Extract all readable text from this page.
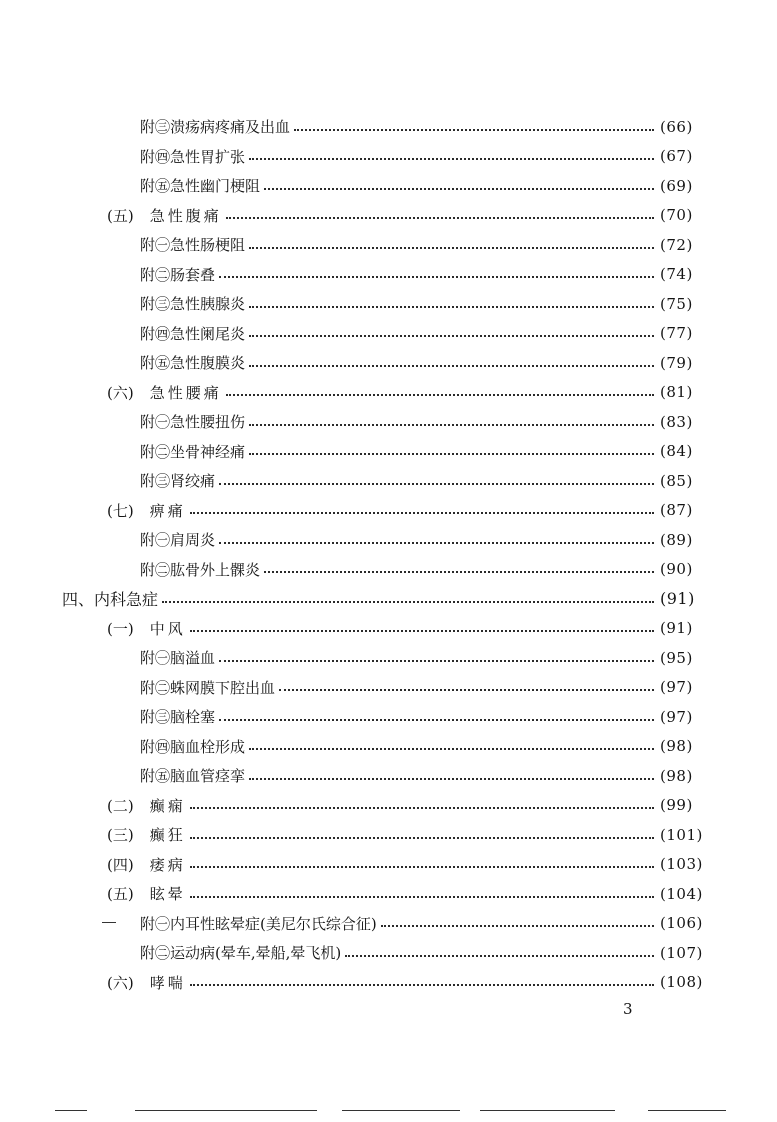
附㊂ 溃疡病疼痛及出血	(66)
附㊃ 急性胃扩张	(67)
附㊄ 急性幽门梗阻	(69)
(五) 急性腹痛	(70)
附㊀ 急性肠梗阻	(72)
附㊁ 肠套叠	(74)
附㊂ 急性胰腺炎	(75)
附㊃ 急性阑尾炎	(77)
附㊄ 急性腹膜炎	(79)
(六) 急性腰痛	(81)
附㊀ 急性腰扭伤	(83)
附㊁ 坐骨神经痛	(84)
附㊂ 肾绞痛	(85)
(七) 痹痛	(87)
附㊀ 肩周炎	(89)
附㊁ 肱骨外上髁炎	(90)
四、内科急症	(91)
(一) 中风	(91)
附㊀ 脑溢血	(95)
附㊁ 蛛网膜下腔出血	(97)
附㊂ 脑栓塞	(97)
附㊃ 脑血栓形成	(98)
附㊄ 脑血管痉挛	(98)
(二) 癫痫	(99)
(三) 癫狂	(101)
(四) 痿病	(103)
(五) 眩晕	(104)
附㊀ 内耳性眩晕症(美尼尔氏综合征)	(106)
附㊁ 运动病(晕车,晕船,晕飞机)	(107)
(六) 哮喘	(108)
3
